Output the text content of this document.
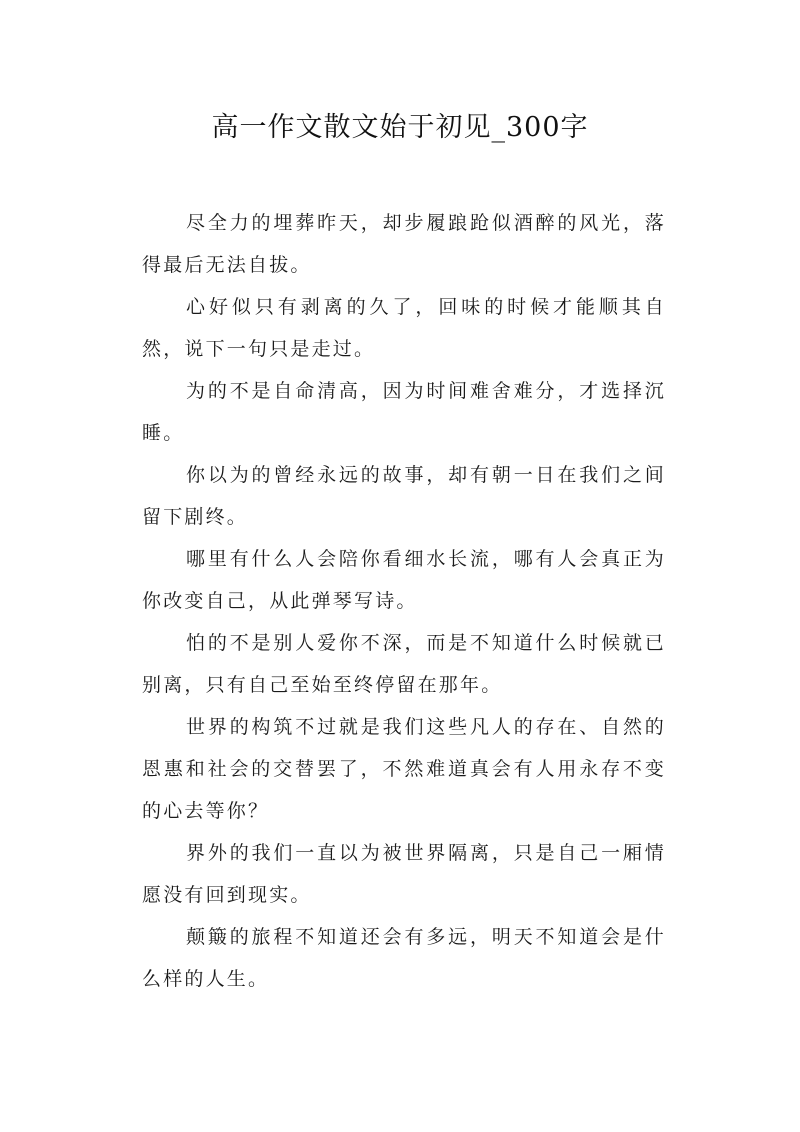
高一作文散文始于初见_300字

尽全力的埋葬昨天，却步履踉跄似酒醉的风光，落得最后无法自拔。

心好似只有剥离的久了，回味的时候才能顺其自然，说下一句只是走过。

为的不是自命清高，因为时间难舍难分，才选择沉睡。

你以为的曾经永远的故事，却有朝一日在我们之间留下剧终。

哪里有什么人会陪你看细水长流，哪有人会真正为你改变自己，从此弹琴写诗。

怕的不是别人爱你不深，而是不知道什么时候就已别离，只有自己至始至终停留在那年。

世界的构筑不过就是我们这些凡人的存在、自然的恩惠和社会的交替罢了，不然难道真会有人用永存不变的心去等你？

界外的我们一直以为被世界隔离，只是自己一厢情愿没有回到现实。

颠簸的旅程不知道还会有多远，明天不知道会是什么样的人生。
